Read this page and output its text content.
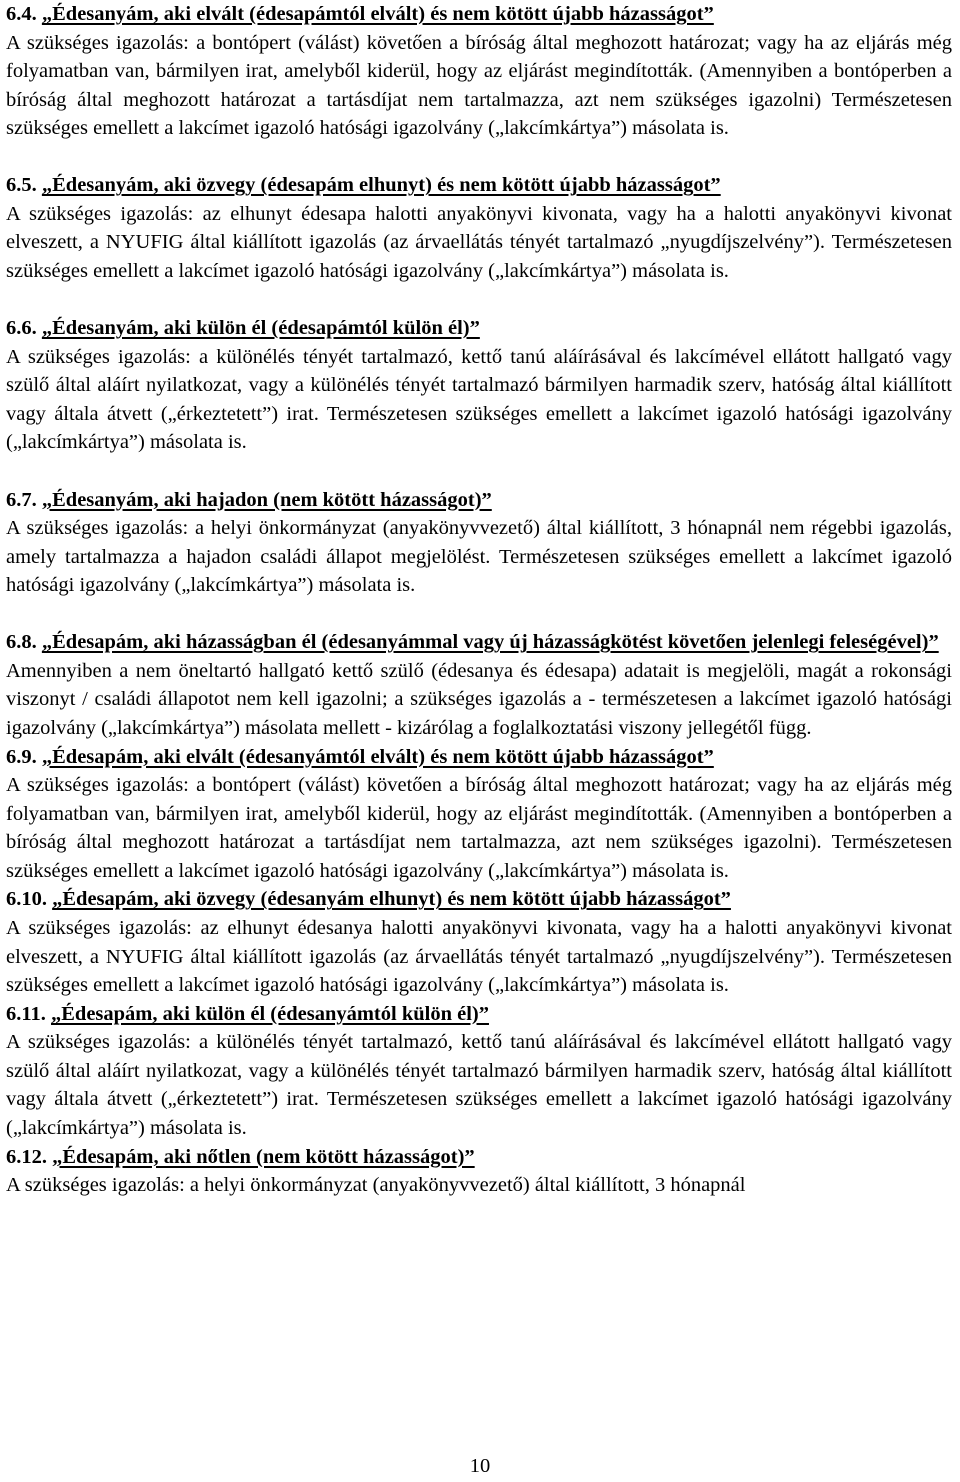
6.4. „Édesanyám, aki elvált (édesapámtól elvált) és nem kötött újabb házasságot”

A szükséges igazolás: a bontópert (válást) követően a bíróság által meghozott határozat; vagy ha az eljárás még folyamatban van, bármilyen irat, amelyből kiderül, hogy az eljárást megindították. (Amennyiben a bontóperben a bíróság által meghozott határozat a tartásdíjat nem tartalmazza, azt nem szükséges igazolni) Természetesen szükséges emellett a lakcímet igazoló hatósági igazolvány („lakcímkártya”) másolata is.

6.5. „Édesanyám, aki özvegy (édesapám elhunyt) és nem kötött újabb házasságot”

A szükséges igazolás: az elhunyt édesapa halotti anyakönyvi kivonata, vagy ha a halotti anyakönyvi kivonat elveszett, a NYUFIG által kiállított igazolás (az árvaellátás tényét tartalmazó „nyugdíjszelvény”). Természetesen szükséges emellett a lakcímet igazoló hatósági igazolvány („lakcímkártya”) másolata is.

6.6. „Édesanyám, aki külön él (édesapámtól külön él)”

A szükséges igazolás: a különélés tényét tartalmazó, kettő tanú aláírásával és lakcímével ellátott hallgató vagy szülő által aláírt nyilatkozat, vagy a különélés tényét tartalmazó bármilyen harmadik szerv, hatóság által kiállított vagy általa átvett („érkeztetett”) irat. Természetesen szükséges emellett a lakcímet igazoló hatósági igazolvány („lakcímkártya”) másolata is.

6.7. „Édesanyám, aki hajadon (nem kötött házasságot)”

A szükséges igazolás: a helyi önkormányzat (anyakönyvvezető) által kiállított, 3 hónapnál nem régebbi igazolás, amely tartalmazza a hajadon családi állapot megjelölést. Természetesen szükséges emellett a lakcímet igazoló hatósági igazolvány („lakcímkártya”) másolata is.

6.8. „Édesapám, aki házasságban él (édesanyámmal vagy új házasságkötést követően jelenlegi feleségével)”

Amennyiben a nem öneltartó hallgató kettő szülő (édesanya és édesapa) adatait is megjelöli, magát a rokonsági viszonyt / családi állapotot nem kell igazolni; a szükséges igazolás a - természetesen a lakcímet igazoló hatósági igazolvány („lakcímkártya”) másolata mellett - kizárólag a foglalkoztatási viszony jellegétől függ.

6.9. „Édesapám, aki elvált (édesanyámtól elvált) és nem kötött újabb házasságot”

A szükséges igazolás: a bontópert (válást) követően a bíróság által meghozott határozat; vagy ha az eljárás még folyamatban van, bármilyen irat, amelyből kiderül, hogy az eljárást megindították. (Amennyiben a bontóperben a bíróság által meghozott határozat a tartásdíjat nem tartalmazza, azt nem szükséges igazolni). Természetesen szükséges emellett a lakcímet igazoló hatósági igazolvány („lakcímkártya”) másolata is.

6.10. „Édesapám, aki özvegy (édesanyám elhunyt) és nem kötött újabb házasságot”

A szükséges igazolás: az elhunyt édesanya halotti anyakönyvi kivonata, vagy ha a halotti anyakönyvi kivonat elveszett, a NYUFIG által kiállított igazolás (az árvaellátás tényét tartalmazó „nyugdíjszelvény”). Természetesen szükséges emellett a lakcímet igazoló hatósági igazolvány („lakcímkártya”) másolata is.

6.11. „Édesapám, aki külön él (édesanyámtól külön él)”

A szükséges igazolás: a különélés tényét tartalmazó, kettő tanú aláírásával és lakcímével ellátott hallgató vagy szülő által aláírt nyilatkozat, vagy a különélés tényét tartalmazó bármilyen harmadik szerv, hatóság által kiállított vagy általa átvett („érkeztetett”) irat. Természetesen szükséges emellett a lakcímet igazoló hatósági igazolvány („lakcímkártya”) másolata is.

6.12. „Édesapám, aki nőtlen (nem kötött házasságot)”

A szükséges igazolás: a helyi önkormányzat (anyakönyvvezető) által kiállított, 3 hónapnál

10
